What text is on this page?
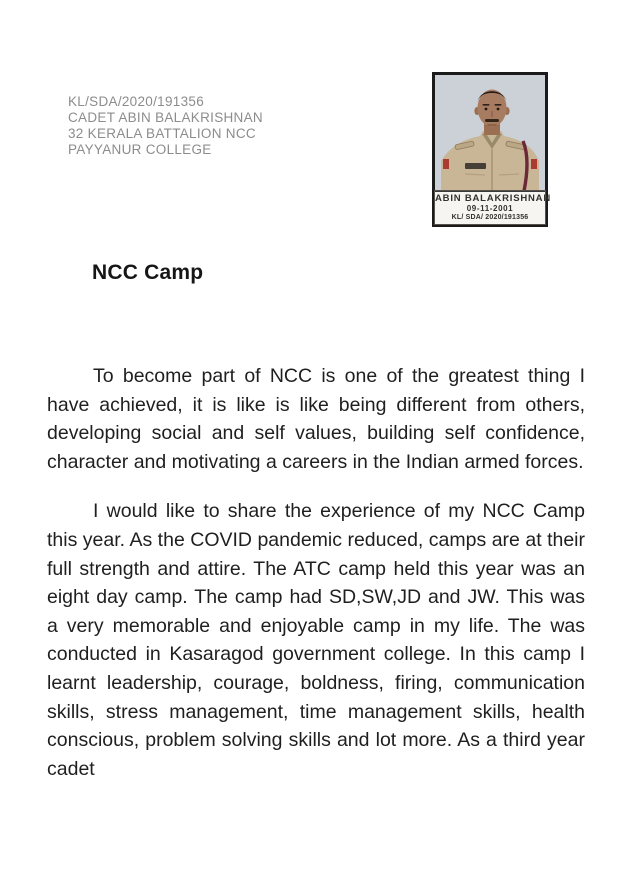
KL/SDA/2020/191356
CADET ABIN BALAKRISHNAN
32 KERALA BATTALION NCC
PAYYANUR COLLEGE
ABIN BALAKRISHNAN
09-11-2001
KL/ SDA/ 2020/191356
NCC Camp

To become part of NCC is one of the greatest thing I have achieved, it is like is like being different from others, developing social and self values, building self confidence, character and motivating a careers in the Indian armed forces.

I would like to share the experience of my NCC Camp this year. As the COVID pandemic reduced, camps are at their full strength and attire. The ATC camp held this year was an eight day camp. The camp had SD,SW,JD and JW. This was a very memorable and enjoyable camp in my life. The was conducted in Kasaragod government college. In this camp I learnt leadership, courage, boldness, firing, communication skills, stress management, time management skills, health conscious, problem solving skills and lot more. As a third year cadet
